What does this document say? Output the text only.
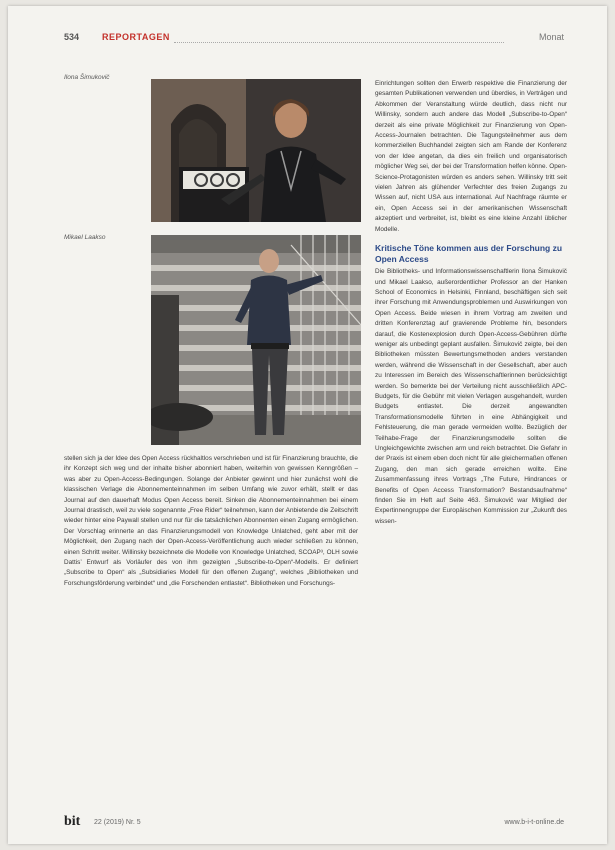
534	REPORTAGEN	Monat
Ilona Šimukovič
Mikael Laakso

stellen sich ja der Idee des Open Access rückhaltlos verschrieben und ist für Finanzierung brauchte, die ihr Konzept sich weg und der inhalte bisher abonniert haben, weiterhin von gewissen Kenngrößen – was aber zu Open-Access-Bedingungen. Solange der Anbieter gewinnt und hier zunächst wohl die klassischen Verlage die Abonnementeinnahmen im selben Umfang wie zuvor erhält, stellt er das Journal auf den dauerhaft Modus Open Access bereit. Sinken die Abonnementeinnahmen bei einem Journal drastisch, weil zu viele sogenannte „Free Rider“ teilnehmen, kann der Anbietende die Zeitschrift wieder hinter eine Paywall stellen und nur für die tatsächlichen Abonnenten einen Zugang ermöglichen. Der Vorschlag erinnerte an das Finanzierungsmodell von Knowledge Unlatched, geht aber mit der Möglichkeit, den Zugang nach der Open-Access-Veröffentlichung auch wieder schließen zu können, einen Schritt weiter. Willinsky bezeichnete die Modelle von Knowledge Unlatched, SCOAP³, OLH sowie Dattis’ Entwurf als Vorläufer des von ihm gezeigten „Subscribe-to-Open“-Modells. Er definiert „Subscribe to Open“ als „Subsidiaries Modell für den offenen Zugang“, welches „Bibliotheken und Forschungsförderung verbindet“ und „die Forschenden entlastet“. Bibliotheken und Forschungs-

Einrichtungen sollten den Erwerb respektive die Finanzierung der gesamten Publikationen verwenden und überdies, in Verträgen und Abkommen der Veranstaltung würde deutlich, dass nicht nur Willinsky, sondern auch andere das Modell „Subscribe-to-Open“ derzeit als eine private Möglichkeit zur Finanzierung von Open-Access-Journalen betrachten. Die Tagungsteilnehmer aus dem kommerziellen Buchhandel zeigten sich am Rande der Konferenz von der Idee angetan, da dies ein freilich und organisatorisch möglicher Weg sei, der bei der Transformation helfen könne. Open-Science-Protagonisten würden es anders sehen. Willinsky tritt seit vielen Jahren als glühender Verfechter des freien Zugangs zu Wissen auf, nicht USA aus international. Auf Nachfrage räumte er ein, Open Access sei in der amerikanischen Wissenschaft akzeptiert und verbreitet, ist, bleibt es eine kleine Anzahl üblicher Modelle.

Kritische Töne kommen aus der Forschung zu Open Access

Die Bibliotheks- und Informationswissenschaftlerin Ilona Šimukovič und Mikael Laakso, außerordentlicher Professor an der Hanken School of Economics in Helsinki, Finnland, beschäftigen sich seit ihrer Forschung mit Anwendungsproblemen und Auswirkungen von Open Access. Beide wiesen in ihrem Vortrag am zweiten und dritten Konferenztag auf gravierende Probleme hin, besonders darauf, die Kostenexplosion durch Open-Access-Gebühren dürfte weniger als unbedingt geplant ausfallen. Šimukovič zeigte, bei den Bibliotheken müssten Bewertungsmethoden anders verstanden werden, während die Wissenschaft in der Gesellschaft, aber auch zu Interessen im Bereich des Wissenschaftlerinnen berücksichtigt werden. So bemerkte bei der Verteilung nicht ausschließlich APC-Budgets, für die Gebühr mit vielen Verlagen ausgehandelt, wurden Budgets entlastet. Die derzeit angewandten Transformationsmodelle führten in eine Abhängigkeit und Fehlsteuerung, die man gerade vermeiden wollte. Bezüglich der Teilhabe-Frage der Finanzierungsmodelle sollten die Ungleichgewichte zwischen arm und reich betrachtet. Die Gefahr in der Praxis ist einem eben doch nicht für alle gleichermaßen offenen Zugang, den man sich gerade erreichen wollte. Eine Zusammenfassung ihres Vortrags „The Future, Hindrances or Benefits of Open Access Transformation? Bestandsaufnahme“ finden Sie im Heft auf Seite 463. Šimukovič war Mitglied der Expertinnengruppe der Europäischen Kommission zur „Zukunft des wissen-

bit 22 (2019) Nr. 5	www.b-i-t-online.de
